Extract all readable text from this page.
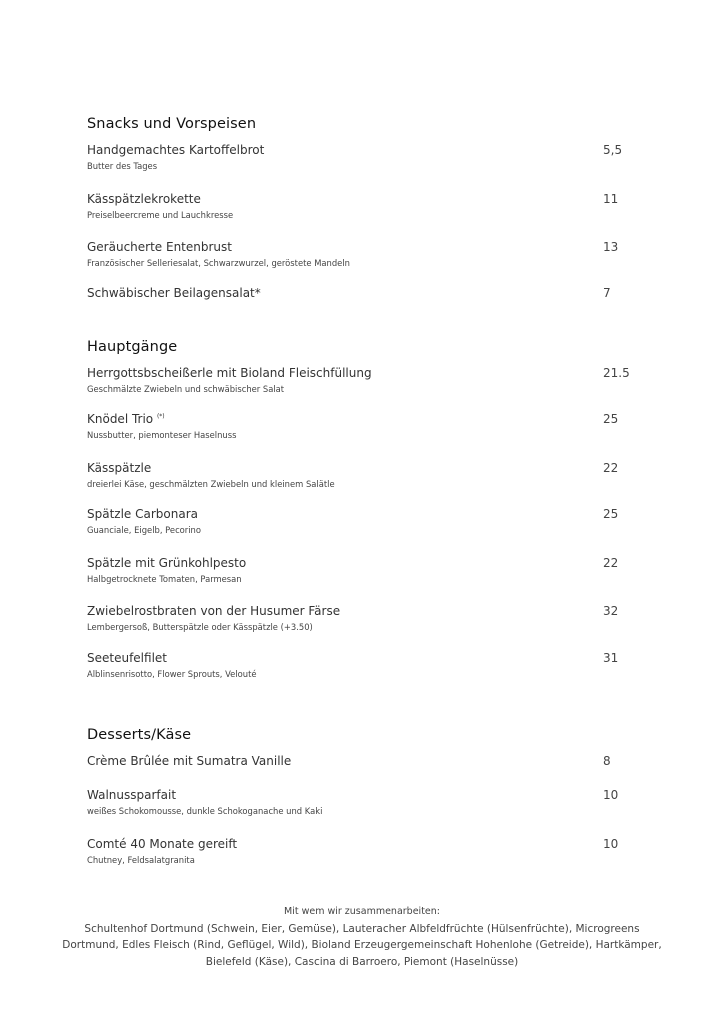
Snacks und Vorspeisen
Handgemachtes Kartoffelbrot
Butter des Tages
5,5
Kässpätzlekrokette
Preiselbeercreme und Lauchkresse
11
Geräucherte Entenbrust
Französischer Selleriesalat, Schwarzwurzel, geröstete Mandeln
13
Schwäbischer Beilagensalat*	7
Hauptgänge
Herrgottsbscheißerle mit Bioland Fleischfüllung
Geschmälzte Zwiebeln und schwäbischer Salat
21.5
Knödel Trio (*)
Nussbutter, piemonteser Haselnuss
25
Kässpätzle
dreierlei Käse, geschmälzten Zwiebeln und kleinem Salätle
22
Spätzle Carbonara
Guanciale, Eigelb, Pecorino
25
Spätzle mit Grünkohlpesto
Halbgetrocknete Tomaten, Parmesan
22
Zwiebelrostbraten von der Husumer Färse
Lembergersoß, Butterspätzle oder Kässpätzle (+3.50)
32
Seeteufelfilet
Alblinsenrisotto, Flower Sprouts, Velouté
31
Desserts/Käse
Crème Brûlée mit Sumatra Vanille	8
Walnussparfait
weißes Schokomousse, dunkle Schokoganache und Kaki
10
Comté 40 Monate gereift
Chutney, Feldsalatgranita
10
Mit wem wir zusammenarbeiten:
Schultenhof Dortmund (Schwein, Eier, Gemüse), Lauteracher Albfeldfrüchte (Hülsenfrüchte), Microgreens Dortmund, Edles Fleisch (Rind, Geflügel, Wild), Bioland Erzeugergemeinschaft Hohenlohe (Getreide), Hartkämper, Bielefeld (Käse), Cascina di Barroero, Piemont (Haselnüsse)
